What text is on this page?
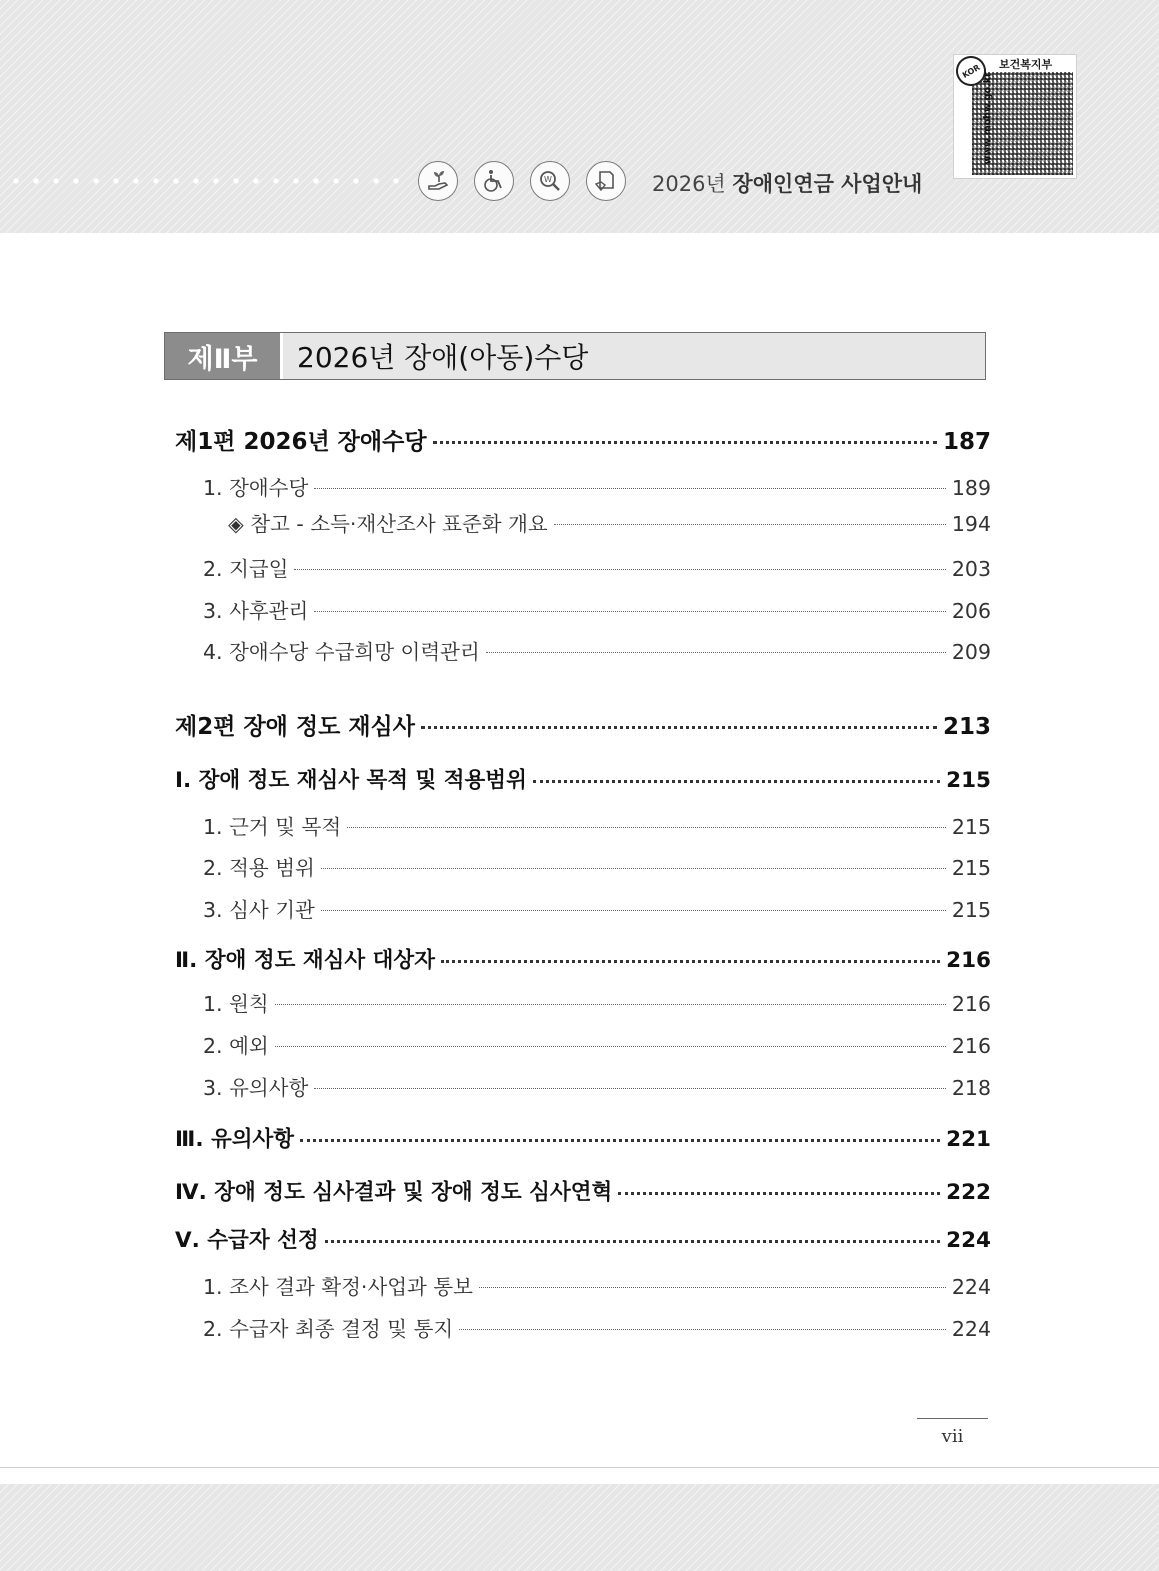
W	2026년 장애인연금 사업안내
KOR	보건복지부
www.mohw.go.kr
제Ⅱ부	2026년 장애(아동)수당
제1편 2026년 장애수당	187
1. 장애수당	189
◈ 참고 - 소득·재산조사 표준화 개요	194
2. 지급일	203
3. 사후관리	206
4. 장애수당 수급희망 이력관리	209
제2편 장애 정도 재심사	213
Ⅰ. 장애 정도 재심사 목적 및 적용범위	215
1. 근거 및 목적	215
2. 적용 범위	215
3. 심사 기관	215
Ⅱ. 장애 정도 재심사 대상자	216
1. 원칙	216
2. 예외	216
3. 유의사항	218
Ⅲ. 유의사항	221
Ⅳ. 장애 정도 심사결과 및 장애 정도 심사연혁	222
Ⅴ. 수급자 선정	224
1. 조사 결과 확정·사업과 통보	224
2. 수급자 최종 결정 및 통지	224
vii
